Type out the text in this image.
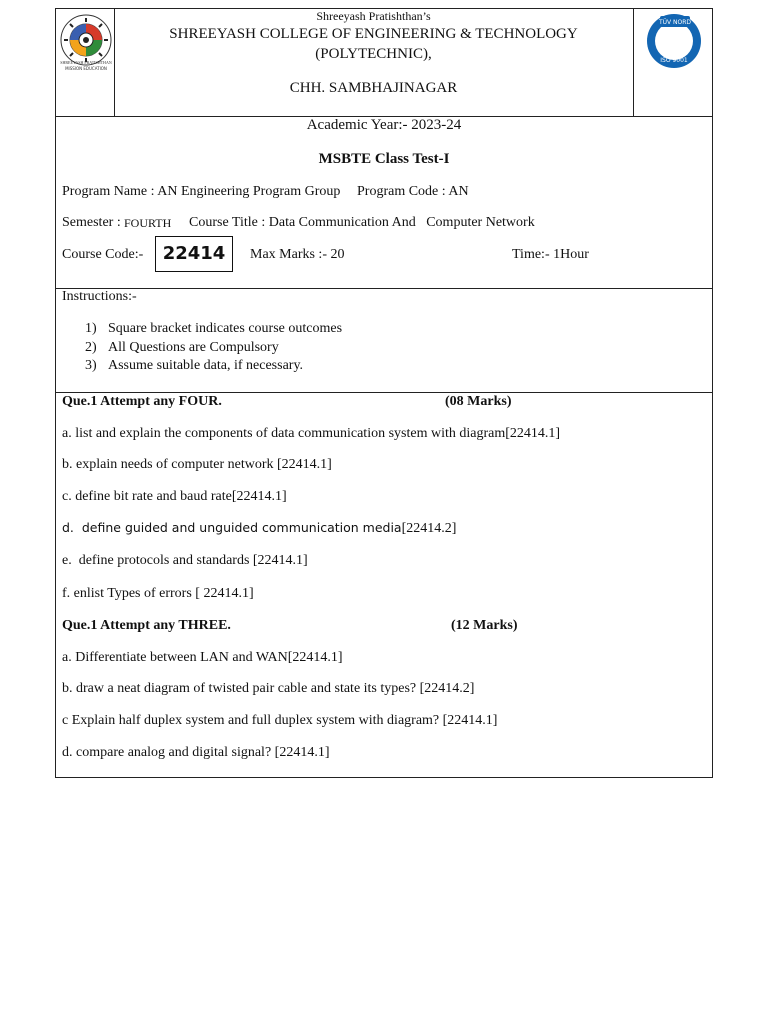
SHREEYASH PRATISHTHAN
MISSION EDUCATION
Shreeyash Pratishthan’s
SHREEYASH COLLEGE OF ENGINEERING & TECHNOLOGY
(POLYTECHNIC),
CHH. SAMBHAJINAGAR
TÜV NORD
ISO 9001
Academic Year:- 2023-24
MSBTE Class Test-I
Program Name : AN Engineering Program Group Program Code : AN
Semester : FOURTH Course Title : Data Communication And   Computer Network
Course Code:-	22414	Max Marks :- 20	Time:- 1Hour
Instructions:-
1) Square bracket indicates course outcomes
2) All Questions are Compulsory
3) Assume suitable data, if necessary.
Que.1 Attempt any FOUR.	(08 Marks)
a. list and explain the components of data communication system with diagram[22414.1]
b. explain needs of computer network [22414.1]
c. define bit rate and baud rate[22414.1]
d.  define guided and unguided communication media[22414.2]
e.  define protocols and standards [22414.1]
f. enlist Types of errors [ 22414.1]
Que.1 Attempt any THREE.	(12 Marks)
a. Differentiate between LAN and WAN[22414.1]
b. draw a neat diagram of twisted pair cable and state its types? [22414.2]
c Explain half duplex system and full duplex system with diagram? [22414.1]
d. compare analog and digital signal? [22414.1]
